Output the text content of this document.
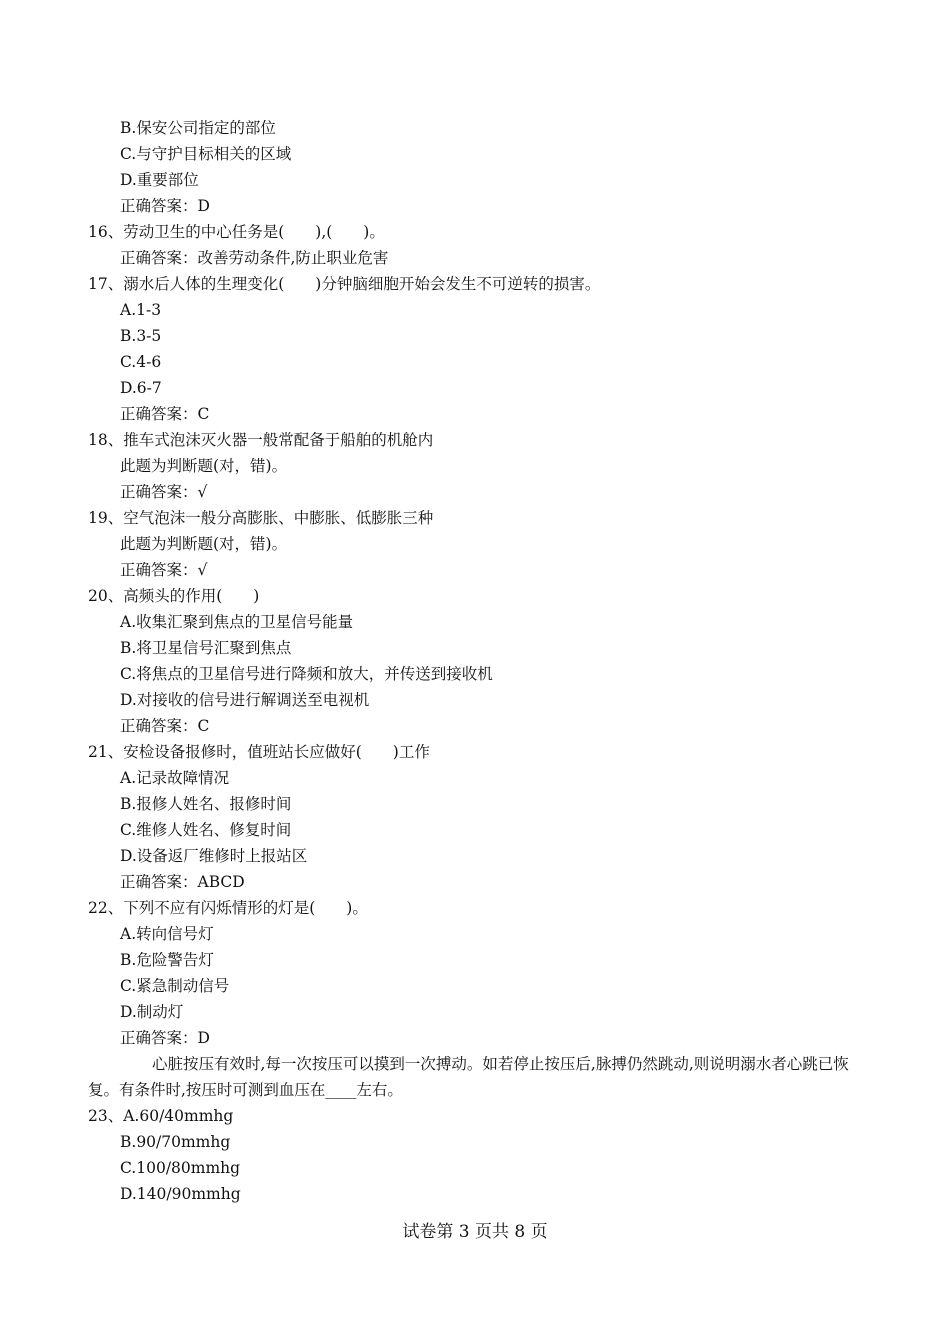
B.保安公司指定的部位
C.与守护目标相关的区域
D.重要部位
正确答案：D
16、劳动卫生的中心任务是(　　),(　　)。
正确答案：改善劳动条件,防止职业危害
17、溺水后人体的生理变化(　　)分钟脑细胞开始会发生不可逆转的损害。
A.1-3
B.3-5
C.4-6
D.6-7
正确答案：C
18、推车式泡沫灭火器一般常配备于船舶的机舱内
此题为判断题(对，错)。
正确答案：√
19、空气泡沫一般分高膨胀、中膨胀、低膨胀三种
此题为判断题(对，错)。
正确答案：√
20、高频头的作用(　　)
A.收集汇聚到焦点的卫星信号能量
B.将卫星信号汇聚到焦点
C.将焦点的卫星信号进行降频和放大，并传送到接收机
D.对接收的信号进行解调送至电视机
正确答案：C
21、安检设备报修时，值班站长应做好(　　)工作
A.记录故障情况
B.报修人姓名、报修时间
C.维修人姓名、修复时间
D.设备返厂维修时上报站区
正确答案：ABCD
22、下列不应有闪烁情形的灯是(　　)。
A.转向信号灯
B.危险警告灯
C.紧急制动信号
D.制动灯
正确答案：D
心脏按压有效时,每一次按压可以摸到一次搏动。如若停止按压后,脉搏仍然跳动,则说明溺水者心跳已恢复。有条件时,按压时可测到血压在____左右。
23、A.60/40mmhg
B.90/70mmhg
C.100/80mmhg
D.140/90mmhg
试卷第 3 页共 8 页
